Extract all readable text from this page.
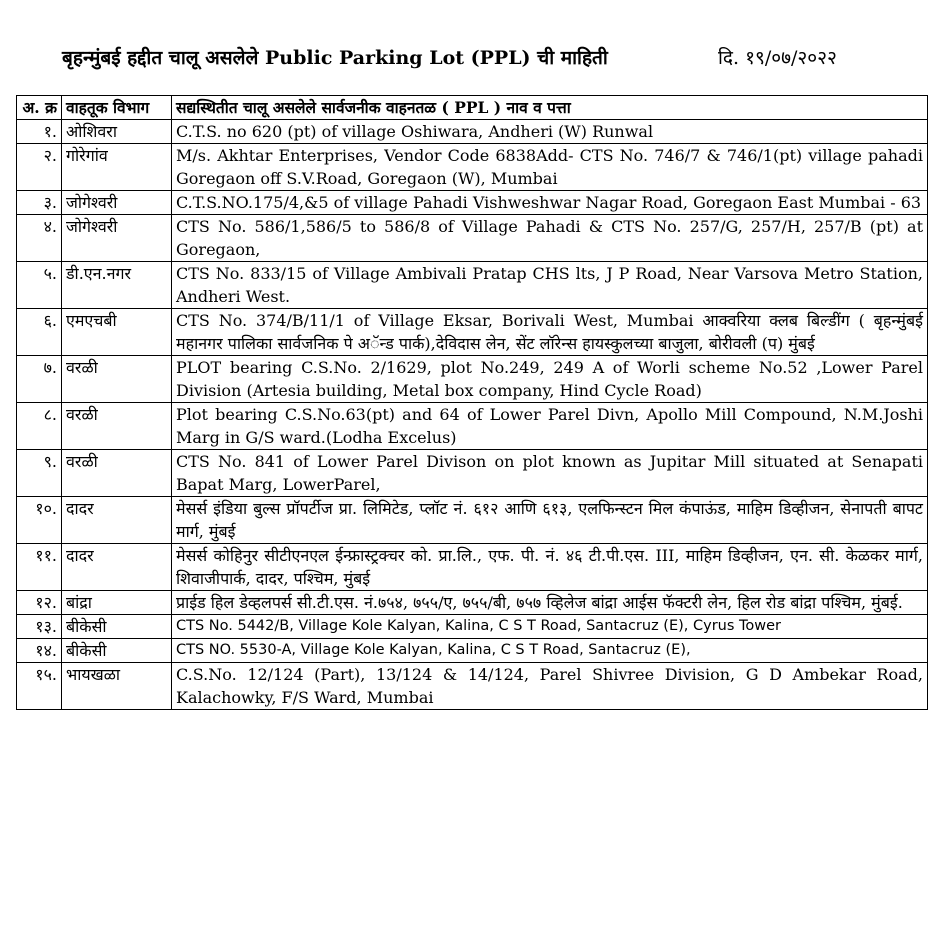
बृहन्मुंबई हद्दीत चालू असलेले Public Parking Lot (PPL) ची माहिती	दि. १९/०७/२०२२
अ. क्र	वाहतूक विभाग	सद्यस्थितीत चालू असलेले सार्वजनीक वाहनतळ ( PPL ) नाव व पत्ता
१.	ओशिवरा	C.T.S. no 620 (pt) of village Oshiwara, Andheri (W) Runwal
२.	गोरेगांव	M/s. Akhtar Enterprises, Vendor Code 6838Add- CTS No. 746/7 & 746/1(pt) village pahadi Goregaon off S.V.Road, Goregaon (W), Mumbai
३.	जोगेश्वरी	C.T.S.NO.175/4,&5 of village Pahadi Vishweshwar Nagar Road, Goregaon East Mumbai - 63
४.	जोगेश्वरी	CTS No. 586/1,586/5 to 586/8 of Village Pahadi & CTS No. 257/G, 257/H, 257/B (pt) at Goregaon,
५.	डी.एन.नगर	CTS No. 833/15 of Village Ambivali Pratap CHS lts, J P Road, Near Varsova Metro Station, Andheri West.
६.	एमएचबी	CTS No. 374/B/11/1 of Village Eksar, Borivali West, Mumbai आक्वरिया क्लब बिल्डींग ( बृहन्मुंबई महानगर पालिका सार्वजनिक पे अॅन्ड पार्क),देविदास लेन, सेंट लॉरेन्स हायस्कुलच्या बाजुला, बोरीवली (प) मुंबई
७.	वरळी	PLOT bearing C.S.No. 2/1629, plot No.249, 249 A of Worli scheme No.52 ,Lower Parel Division (Artesia building, Metal box company, Hind Cycle Road)
८.	वरळी	Plot bearing C.S.No.63(pt) and 64 of Lower Parel Divn, Apollo Mill Compound, N.M.Joshi Marg in G/S ward.(Lodha Excelus)
९.	वरळी	CTS No. 841 of Lower Parel Divison on plot known as Jupitar Mill situated at Senapati Bapat Marg, LowerParel,
१०.	दादर	मेसर्स इंडिया बुल्स प्रॉपर्टीज प्रा. लिमिटेड, प्लॉट नं. ६१२ आणि ६१३, एलफिन्स्टन मिल कंपाऊंड, माहिम डिव्हीजन, सेनापती बापट मार्ग, मुंबई
११.	दादर	मेसर्स कोहिनुर सीटीएनएल ईन्फ्रास्ट्रक्चर को. प्रा.लि., एफ. पी. नं. ४६ टी.पी.एस. III, माहिम डिव्हीजन, एन. सी. केळकर मार्ग, शिवाजीपार्क, दादर, पश्चिम, मुंबई
१२.	बांद्रा	प्राईड हिल डेव्हलपर्स सी.टी.एस. नं.७५४, ७५५/ए, ७५५/बी, ७५७ व्हिलेज बांद्रा आईस फॅक्टरी लेन, हिल रोड बांद्रा पश्चिम, मुंबई.
१३.	बीकेसी	CTS No. 5442/B, Village Kole Kalyan, Kalina, C S T Road, Santacruz (E), Cyrus Tower
१४.	बीकेसी	CTS NO. 5530-A, Village Kole Kalyan, Kalina, C S T Road, Santacruz (E),
१५.	भायखळा	C.S.No. 12/124 (Part), 13/124 & 14/124, Parel Shivree Division, G D Ambekar Road, Kalachowky, F/S Ward, Mumbai
